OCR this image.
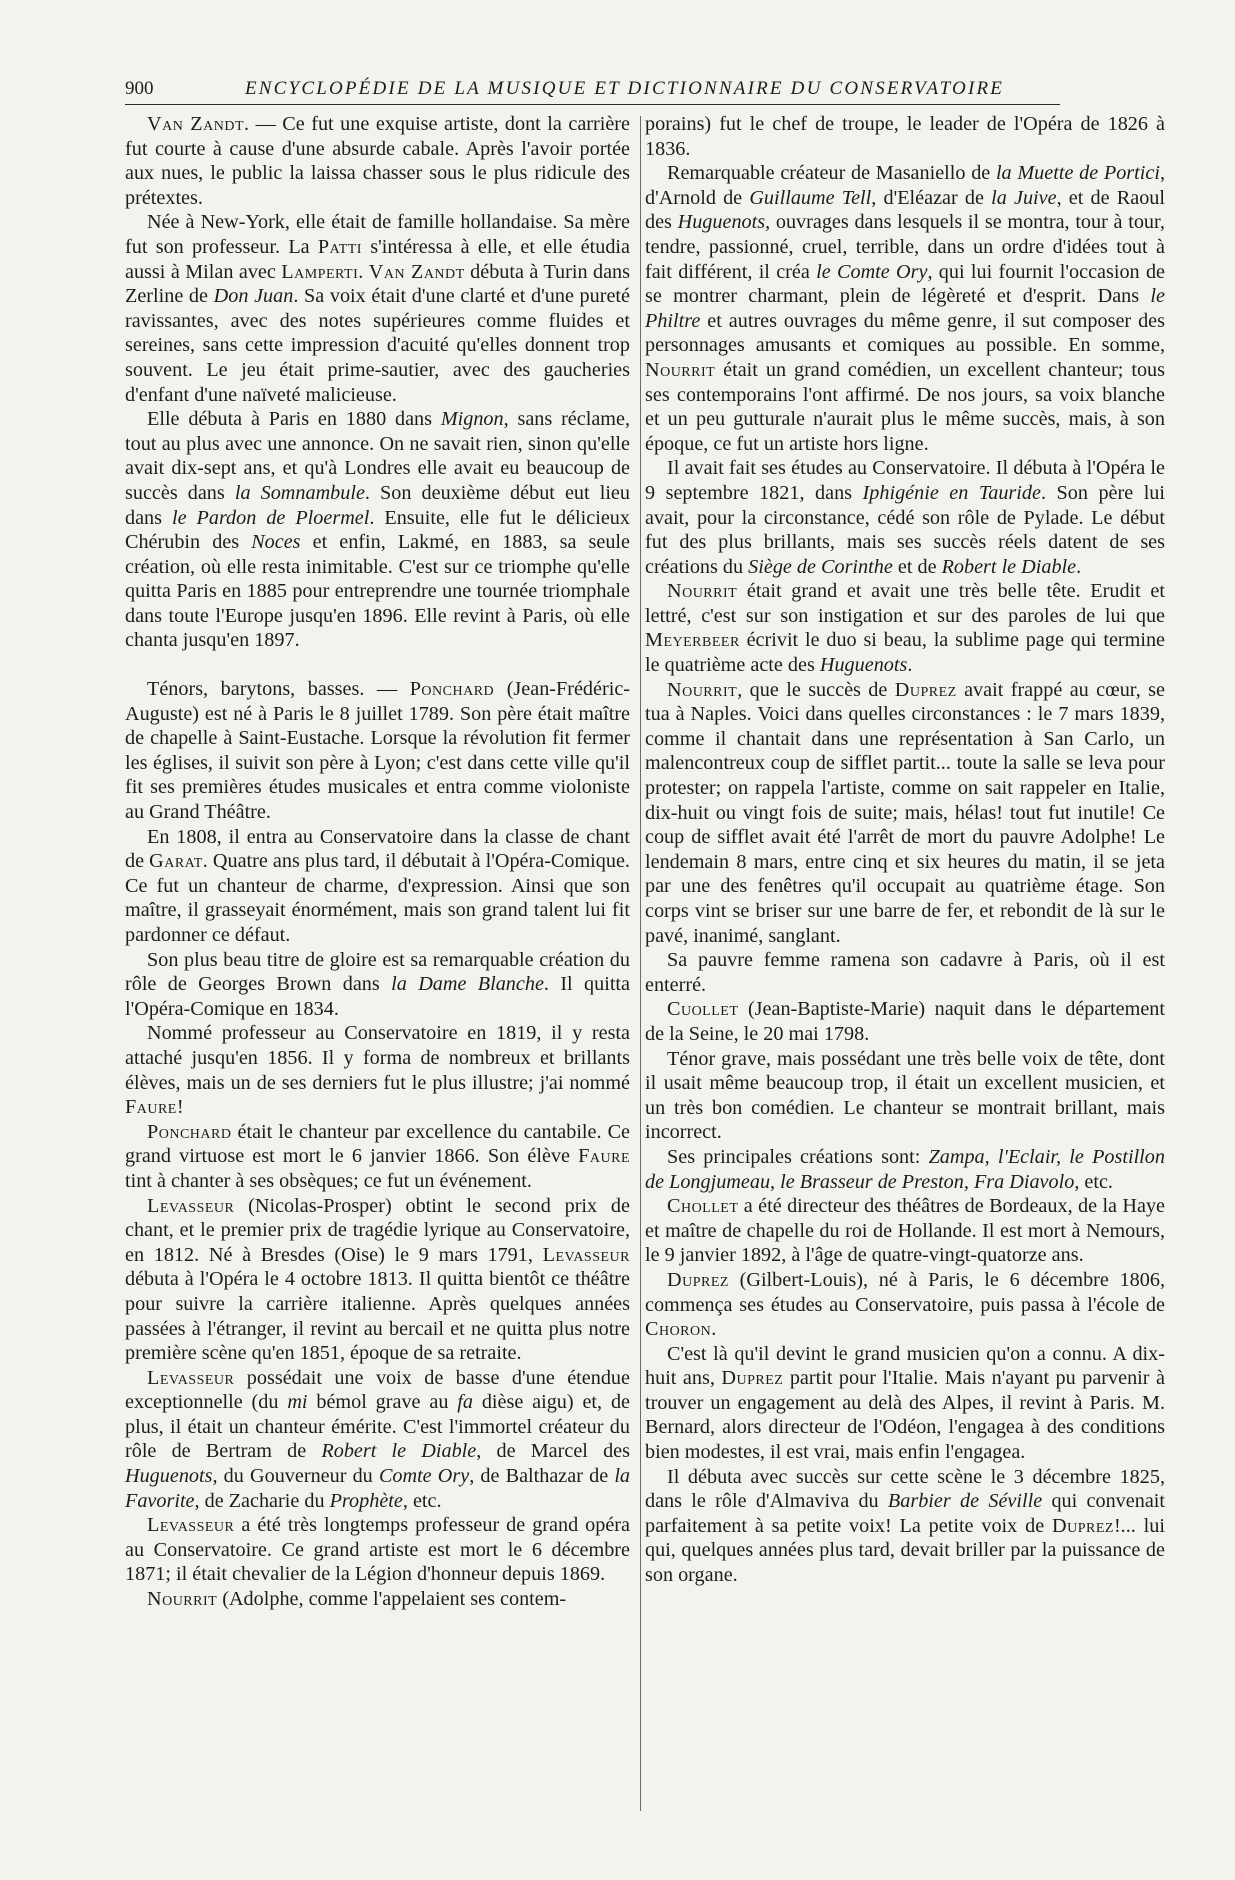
900	ENCYCLOPÉDIE DE LA MUSIQUE ET DICTIONNAIRE DU CONSERVATOIRE

Van Zandt. — Ce fut une exquise artiste, dont la carrière fut courte à cause d'une absurde cabale. Après l'avoir portée aux nues, le public la laissa chasser sous le plus ridicule des prétextes.

Née à New-York, elle était de famille hollandaise. Sa mère fut son professeur. La Patti s'intéressa à elle, et elle étudia aussi à Milan avec Lamperti. Van Zandt débuta à Turin dans Zerline de Don Juan. Sa voix était d'une clarté et d'une pureté ravissantes, avec des notes supérieures comme fluides et sereines, sans cette impression d'acuité qu'elles donnent trop souvent. Le jeu était prime-sautier, avec des gaucheries d'enfant d'une naïveté malicieuse.

Elle débuta à Paris en 1880 dans Mignon, sans réclame, tout au plus avec une annonce. On ne savait rien, sinon qu'elle avait dix-sept ans, et qu'à Londres elle avait eu beaucoup de succès dans la Somnambule. Son deuxième début eut lieu dans le Pardon de Ploermel. Ensuite, elle fut le délicieux Chérubin des Noces et enfin, Lakmé, en 1883, sa seule création, où elle resta inimitable. C'est sur ce triomphe qu'elle quitta Paris en 1885 pour entreprendre une tournée triomphale dans toute l'Europe jusqu'en 1896. Elle revint à Paris, où elle chanta jusqu'en 1897.

Ténors, barytons, basses. — Ponchard (Jean-Frédéric-Auguste) est né à Paris le 8 juillet 1789. Son père était maître de chapelle à Saint-Eustache. Lorsque la révolution fit fermer les églises, il suivit son père à Lyon; c'est dans cette ville qu'il fit ses premières études musicales et entra comme violoniste au Grand Théâtre.

En 1808, il entra au Conservatoire dans la classe de chant de Garat. Quatre ans plus tard, il débutait à l'Opéra-Comique. Ce fut un chanteur de charme, d'expression. Ainsi que son maître, il grasseyait énormément, mais son grand talent lui fit pardonner ce défaut.

Son plus beau titre de gloire est sa remarquable création du rôle de Georges Brown dans la Dame Blanche. Il quitta l'Opéra-Comique en 1834.

Nommé professeur au Conservatoire en 1819, il y resta attaché jusqu'en 1856. Il y forma de nombreux et brillants élèves, mais un de ses derniers fut le plus illustre; j'ai nommé Faure!

Ponchard était le chanteur par excellence du cantabile. Ce grand virtuose est mort le 6 janvier 1866. Son élève Faure tint à chanter à ses obsèques; ce fut un événement.

Levasseur (Nicolas-Prosper) obtint le second prix de chant, et le premier prix de tragédie lyrique au Conservatoire, en 1812. Né à Bresdes (Oise) le 9 mars 1791, Levasseur débuta à l'Opéra le 4 octobre 1813. Il quitta bientôt ce théâtre pour suivre la carrière italienne. Après quelques années passées à l'étranger, il revint au bercail et ne quitta plus notre première scène qu'en 1851, époque de sa retraite.

Levasseur possédait une voix de basse d'une étendue exceptionnelle (du mi bémol grave au fa dièse aigu) et, de plus, il était un chanteur émérite. C'est l'immortel créateur du rôle de Bertram de Robert le Diable, de Marcel des Huguenots, du Gouverneur du Comte Ory, de Balthazar de la Favorite, de Zacharie du Prophète, etc.

Levasseur a été très longtemps professeur de grand opéra au Conservatoire. Ce grand artiste est mort le 6 décembre 1871; il était chevalier de la Légion d'honneur depuis 1869.

Nourrit (Adolphe, comme l'appelaient ses contem-

porains) fut le chef de troupe, le leader de l'Opéra de 1826 à 1836.

Remarquable créateur de Masaniello de la Muette de Portici, d'Arnold de Guillaume Tell, d'Eléazar de la Juive, et de Raoul des Huguenots, ouvrages dans lesquels il se montra, tour à tour, tendre, passionné, cruel, terrible, dans un ordre d'idées tout à fait différent, il créa le Comte Ory, qui lui fournit l'occasion de se montrer charmant, plein de légèreté et d'esprit. Dans le Philtre et autres ouvrages du même genre, il sut composer des personnages amusants et comiques au possible. En somme, Nourrit était un grand comédien, un excellent chanteur; tous ses contemporains l'ont affirmé. De nos jours, sa voix blanche et un peu gutturale n'aurait plus le même succès, mais, à son époque, ce fut un artiste hors ligne.

Il avait fait ses études au Conservatoire. Il débuta à l'Opéra le 9 septembre 1821, dans Iphigénie en Tauride. Son père lui avait, pour la circonstance, cédé son rôle de Pylade. Le début fut des plus brillants, mais ses succès réels datent de ses créations du Siège de Corinthe et de Robert le Diable.

Nourrit était grand et avait une très belle tête. Erudit et lettré, c'est sur son instigation et sur des paroles de lui que Meyerbeer écrivit le duo si beau, la sublime page qui termine le quatrième acte des Huguenots.

Nourrit, que le succès de Duprez avait frappé au cœur, se tua à Naples. Voici dans quelles circonstances : le 7 mars 1839, comme il chantait dans une représentation à San Carlo, un malencontreux coup de sifflet partit... toute la salle se leva pour protester; on rappela l'artiste, comme on sait rappeler en Italie, dix-huit ou vingt fois de suite; mais, hélas! tout fut inutile! Ce coup de sifflet avait été l'arrêt de mort du pauvre Adolphe! Le lendemain 8 mars, entre cinq et six heures du matin, il se jeta par une des fenêtres qu'il occupait au quatrième étage. Son corps vint se briser sur une barre de fer, et rebondit de là sur le pavé, inanimé, sanglant.

Sa pauvre femme ramena son cadavre à Paris, où il est enterré.

Cuollet (Jean-Baptiste-Marie) naquit dans le département de la Seine, le 20 mai 1798.

Ténor grave, mais possédant une très belle voix de tête, dont il usait même beaucoup trop, il était un excellent musicien, et un très bon comédien. Le chanteur se montrait brillant, mais incorrect.

Ses principales créations sont: Zampa, l'Eclair, le Postillon de Longjumeau, le Brasseur de Preston, Fra Diavolo, etc.

Chollet a été directeur des théâtres de Bordeaux, de la Haye et maître de chapelle du roi de Hollande. Il est mort à Nemours, le 9 janvier 1892, à l'âge de quatre-vingt-quatorze ans.

Duprez (Gilbert-Louis), né à Paris, le 6 décembre 1806, commença ses études au Conservatoire, puis passa à l'école de Choron.

C'est là qu'il devint le grand musicien qu'on a connu. A dix-huit ans, Duprez partit pour l'Italie. Mais n'ayant pu parvenir à trouver un engagement au delà des Alpes, il revint à Paris. M. Bernard, alors directeur de l'Odéon, l'engagea à des conditions bien modestes, il est vrai, mais enfin l'engagea.

Il débuta avec succès sur cette scène le 3 décembre 1825, dans le rôle d'Almaviva du Barbier de Séville qui convenait parfaitement à sa petite voix! La petite voix de Duprez!... lui qui, quelques années plus tard, devait briller par la puissance de son organe.
